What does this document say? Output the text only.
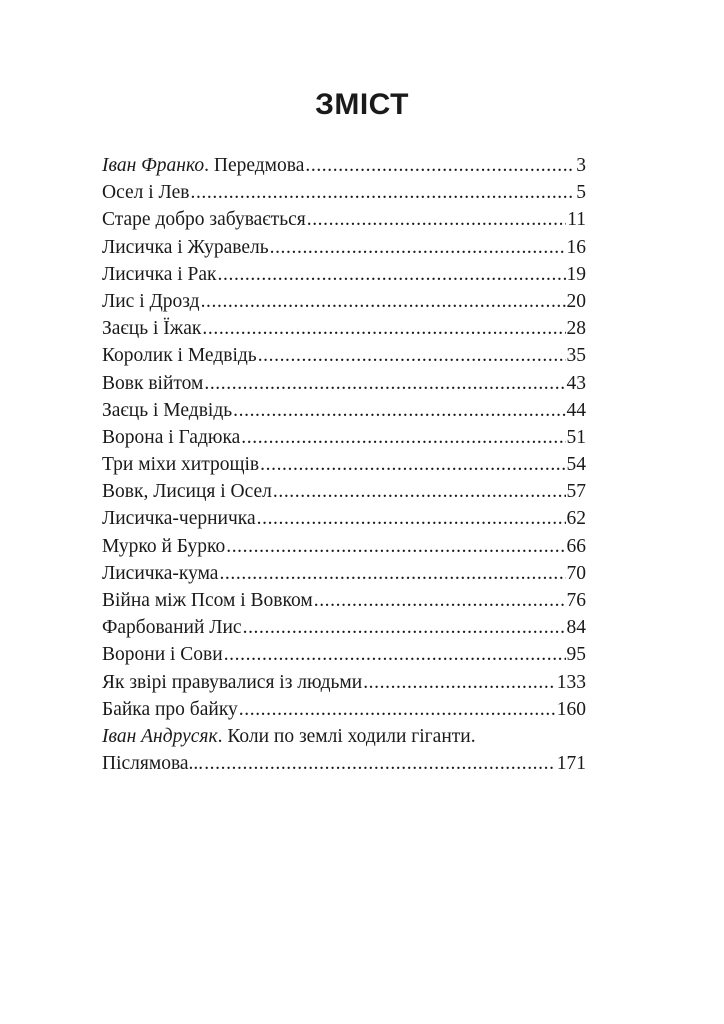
ЗМІСТ
Іван Франко. Передмова .....	3
Осел і Лев .....	5
Старе добро забувається .....	11
Лисичка і Журавель .....	16
Лисичка і Рак .....	19
Лис і Дрозд .....	20
Заєць і Їжак .....	28
Королик і Медвідь .....	35
Вовк війтом .....	43
Заєць і Медвідь .....	44
Ворона і Гадюка .....	51
Три міхи хитрощів .....	54
Вовк, Лисиця і Осел .....	57
Лисичка-черничка .....	62
Мурко й Бурко .....	66
Лисичка-кума .....	70
Війна між Псом і Вовком .....	76
Фарбований Лис .....	84
Ворони і Сови .....	95
Як звірі правувалися із людьми .....	133
Байка про байку .....	160
Іван Андрусяк. Коли по землі ходили гіганти.
Післямова... .....	171
